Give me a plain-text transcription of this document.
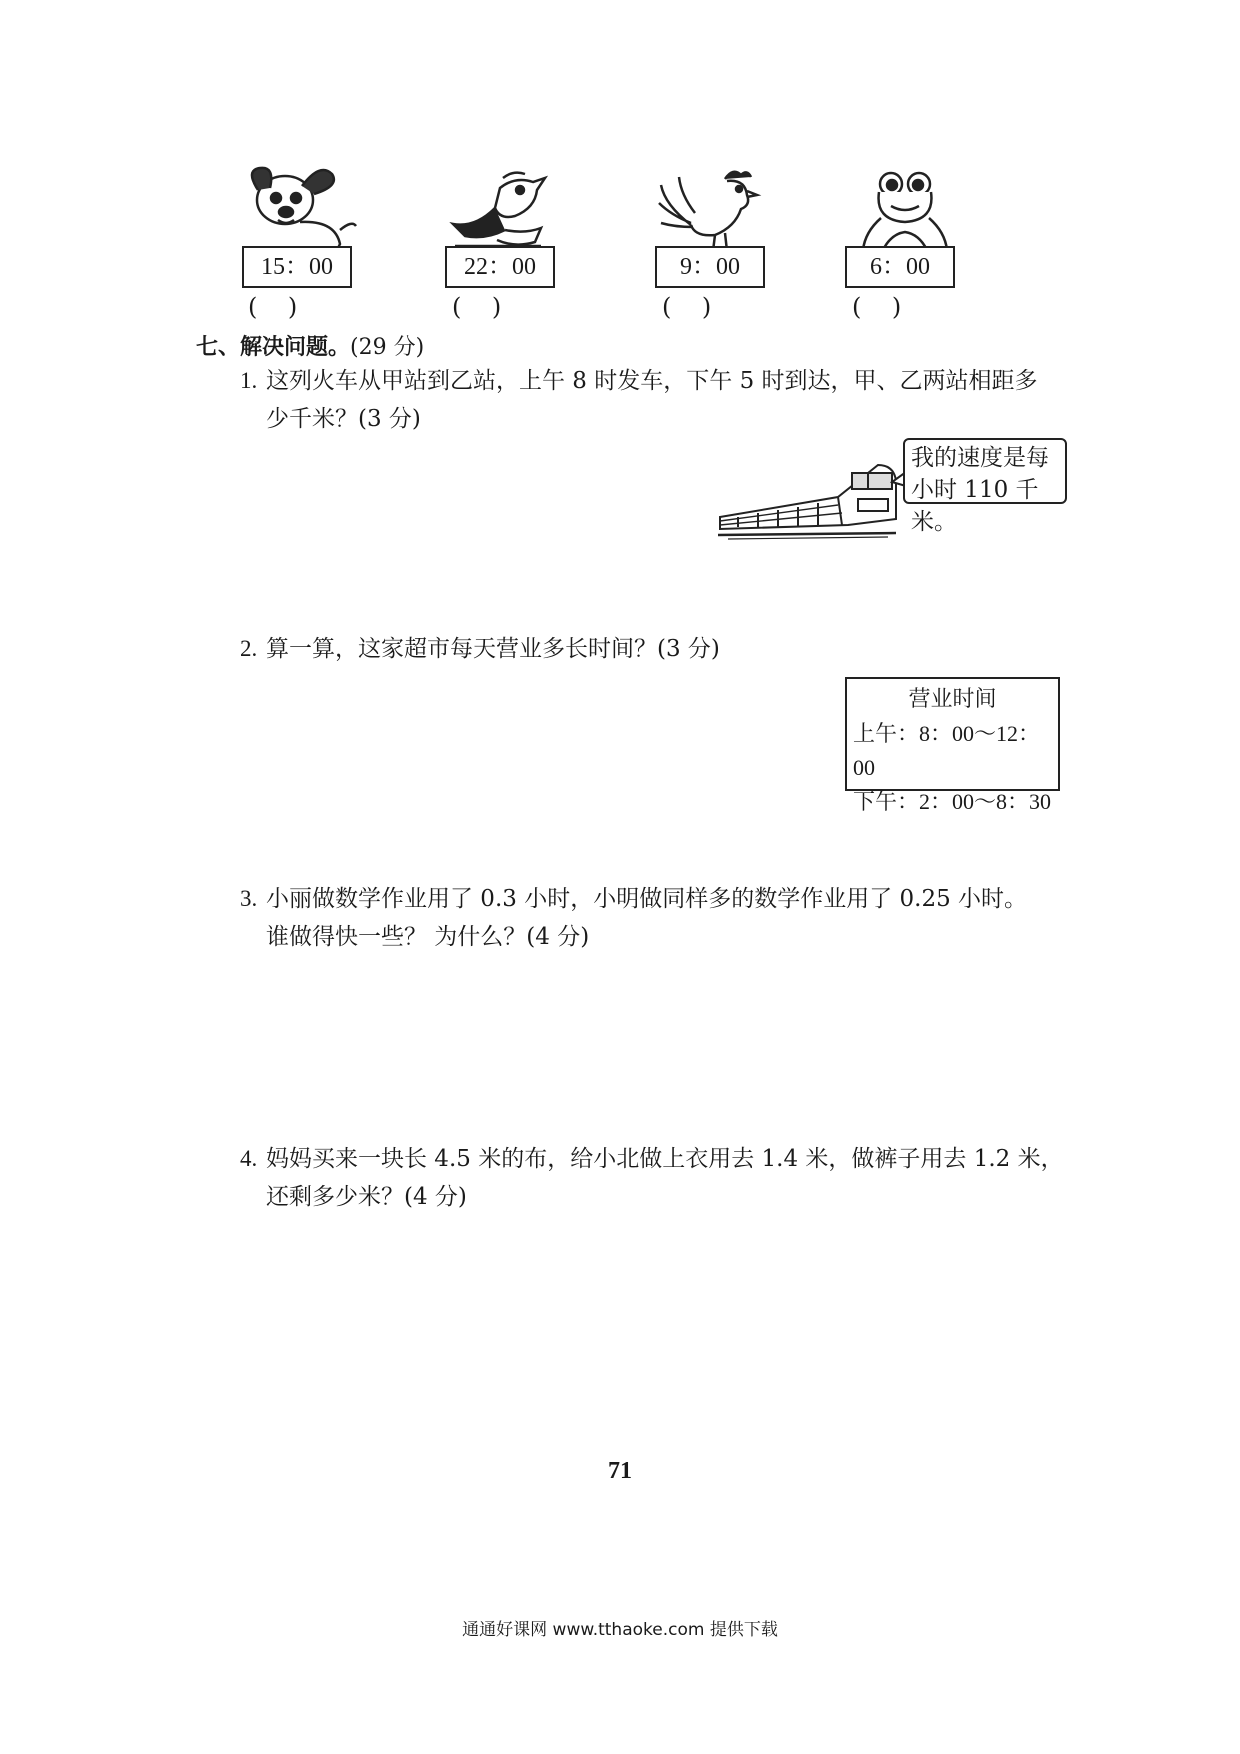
15：00	22：00	9：00	6：00
(    )	(    )	(    )	(    )
七、解决问题。(29 分)
1. 这列火车从甲站到乙站，上午 8 时发车，下午 5 时到达，甲、乙两站相距多
少千米？(3 分)
我的速度是每
小时 110 千米。
2. 算一算，这家超市每天营业多长时间？(3 分)
营业时间
上午：8：00～12：00
下午：2：00～8：30
3. 小丽做数学作业用了 0.3 小时，小明做同样多的数学作业用了 0.25 小时。
谁做得快一些？ 为什么？(4 分)
4. 妈妈买来一块长 4.5 米的布，给小北做上衣用去 1.4 米，做裤子用去 1.2 米，
还剩多少米？(4 分)
71
通通好课网 www.tthaoke.com 提供下载
